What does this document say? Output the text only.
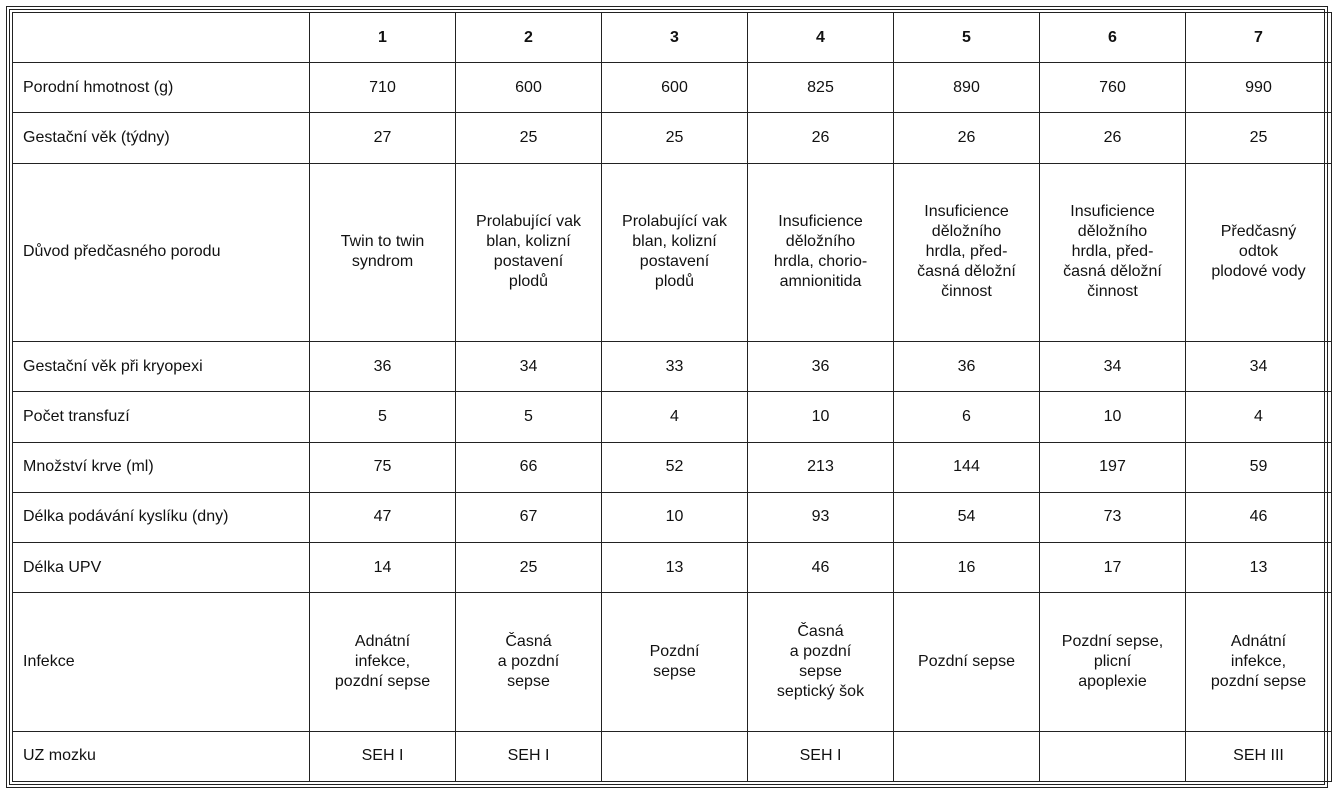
	1	2	3	4	5	6	7
Porodní hmotnost (g)	710	600	600	825	890	760	990

Gestační věk (týdny)	27	25	25	26	26	26	25

Důvod předčasného porodu	Twin to twin
syndrom	Prolabující vak
blan, kolizní
postavení
plodů	Prolabující vak
blan, kolizní
postavení
plodů	Insuficience
děložního
hrdla, chorio-
amnionitida	Insuficience
děložního
hrdla, před-
časná děložní
činnost	Insuficience
děložního
hrdla, před-
časná děložní
činnost	Předčasný
odtok
plodové vody

Gestační věk při kryopexi	36	34	33	36	36	34	34

Počet transfuzí	5	5	4	10	6	10	4

Množství krve (ml)	75	66	52	213	144	197	59

Délka podávání kyslíku (dny)	47	67	10	93	54	73	46

Délka UPV	14	25	13	46	16	17	13

Infekce	Adnátní
infekce,
pozdní sepse	Časná
a pozdní
sepse	Pozdní
sepse	Časná
a pozdní
sepse
septický šok	Pozdní sepse	Pozdní sepse,
plicní
apoplexie	Adnátní
infekce,
pozdní sepse

UZ mozku	SEH I	SEH I		SEH I			SEH III
